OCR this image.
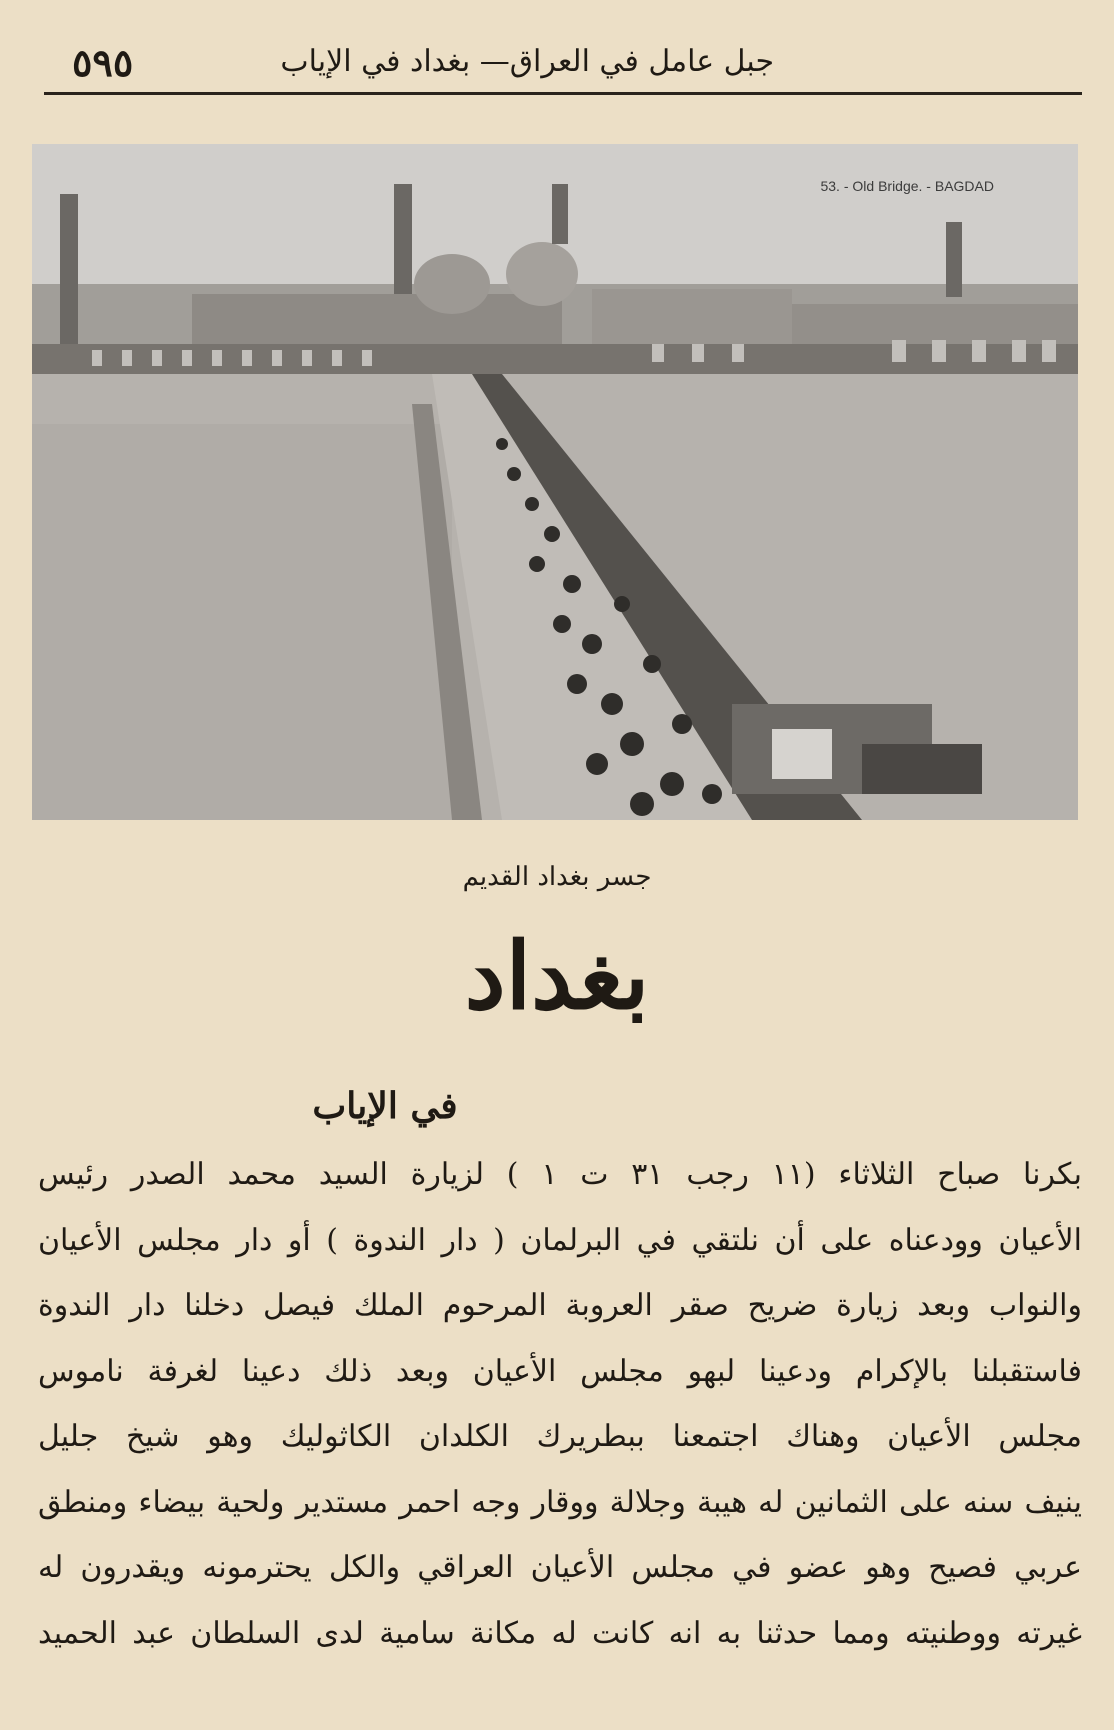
٥٩٥	جبل عامل في العراق— بغداد في الإياب
53. - Old Bridge. - BAGDAD
جسر بغداد القديم
بغداد
في الإياب
بكرنا صباح الثلاثاء (١١ رجب ٣١ ت ١ ) لزيارة السيد محمد الصدر رئيس
الأعيان وودعناه على أن نلتقي في البرلمان ( دار الندوة ) أو دار مجلس الأعيان
والنواب وبعد زيارة ضريح صقر العروبة المرحوم الملك فيصل دخلنا دار الندوة
فاستقبلنا بالإكرام ودعينا لبهو مجلس الأعيان وبعد ذلك دعينا لغرفة ناموس
مجلس الأعيان وهناك اجتمعنا ببطريرك الكلدان الكاثوليك وهو شيخ جليل
ينيف سنه على الثمانين له هيبة وجلالة ووقار وجه احمر مستدير ولحية بيضاء ومنطق
عربي فصيح وهو عضو في مجلس الأعيان العراقي والكل يحترمونه ويقدرون له
غيرته ووطنيته ومما حدثنا به انه كانت له مكانة سامية لدى السلطان عبد الحميد
